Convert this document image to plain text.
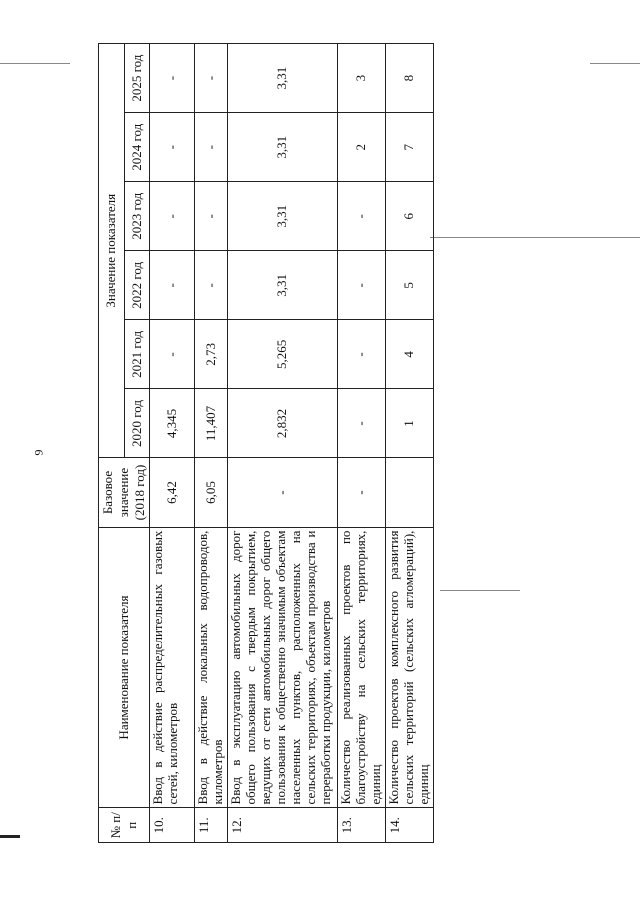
9
№ п/п	Наименование показателя	Базовое значение (2018 год)	Значение показателя					
			2020 год	2021 год	2022 год	2023 год	2024 год	2025 год
10.	Ввод в действие распределительных газовых сетей, километров	6,42	4,345	-	-	-	-	-
11.	Ввод в действие локальных водопроводов, километров	6,05	11,407	2,73	-	-	-	-
12.	Ввод в эксплуатацию автомобильных дорог общего пользования с твердым покрытием, ведущих от сети автомобильных дорог общего пользования к общественно значимым объектам населенных пунктов, расположенных на сельских территориях, объектам производства и переработки продукции, километров	-	2,832	5,265	3,31	3,31	3,31	3,31
13.	Количество реализованных проектов по благоустройству на сельских территориях, единиц	-	-	-	-	-	2	3
14.	Количество проектов комплексного развития сельских территорий (сельских агломераций), единиц		1	4	5	6	7	8
